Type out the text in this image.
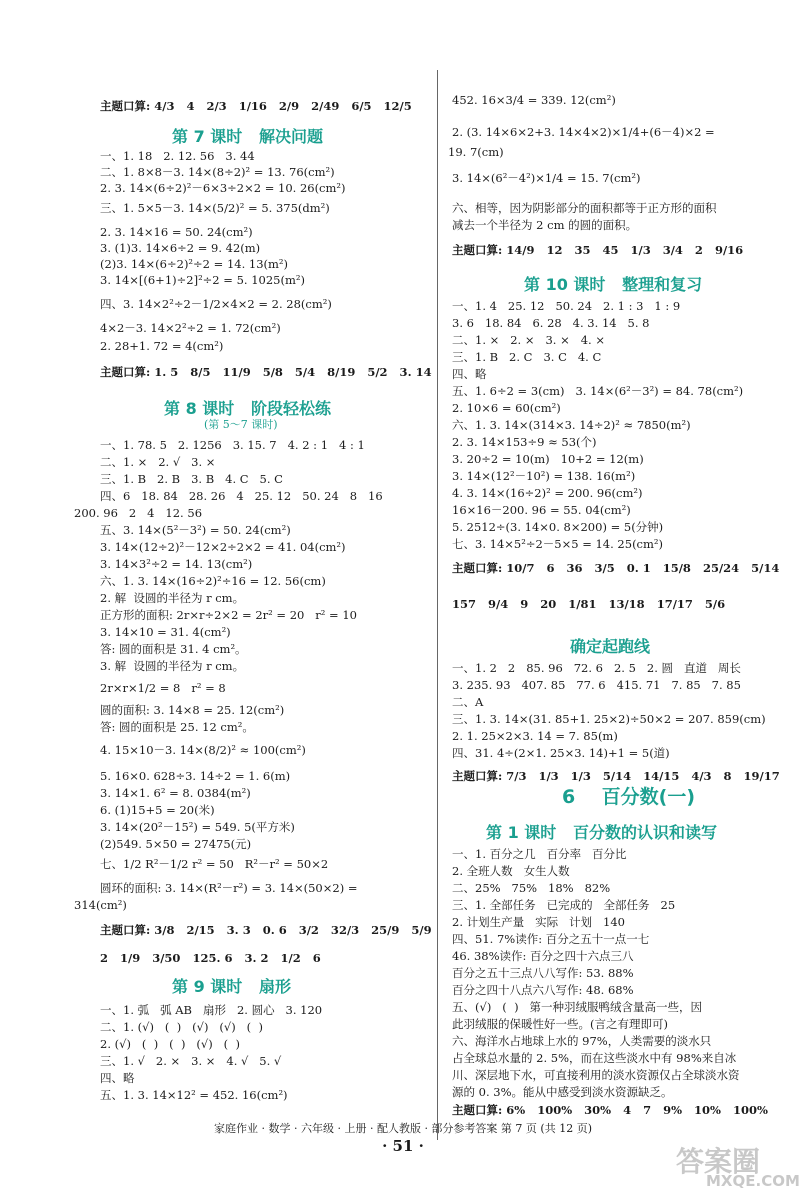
主题口算: 4/3   4   2/3   1/16   2/9   2/49   6/5   12/5
第 7 课时   解决问题
一、1. 18   2. 12. 56   3. 44
二、1. 8×8－3. 14×(8÷2)² = 13. 76(cm²)
2. 3. 14×(6÷2)²－6×3÷2×2 = 10. 26(cm²)
三、1. 5×5－3. 14×(5/2)² = 5. 375(dm²)
2. 3. 14×16 = 50. 24(cm²)
3. (1)3. 14×6÷2 = 9. 42(m)
(2)3. 14×(6÷2)²÷2 = 14. 13(m²)
3. 14×[(6+1)÷2]²÷2 = 5. 1025(m²)
四、3. 14×2²÷2－1/2×4×2 = 2. 28(cm²)
4×2－3. 14×2²÷2 = 1. 72(cm²)
2. 28+1. 72 = 4(cm²)
主题口算: 1. 5   8/5   11/9   5/8   5/4   8/19   5/2   3. 14
第 8 课时   阶段轻松练
(第 5～7 课时)
一、1. 78. 5   2. 1256   3. 15. 7   4. 2 : 1   4 : 1
二、1. ×   2. √   3. ×
三、1. B   2. B   3. B   4. C   5. C
四、6   18. 84   28. 26   4   25. 12   50. 24   8   16
200. 96   2   4   12. 56
五、3. 14×(5²－3²) = 50. 24(cm²)
3. 14×(12÷2)²－12×2÷2×2 = 41. 04(cm²)
3. 14×3²÷2 = 14. 13(cm²)
六、1. 3. 14×(16÷2)²÷16 = 12. 56(cm)
2. 解  设圆的半径为 r cm。
正方形的面积: 2r×r÷2×2 = 2r² = 20   r² = 10
3. 14×10 = 31. 4(cm²)
答: 圆的面积是 31. 4 cm²。
3. 解  设圆的半径为 r cm。
2r×r×1/2 = 8   r² = 8
圆的面积: 3. 14×8 = 25. 12(cm²)
答: 圆的面积是 25. 12 cm²。
4. 15×10－3. 14×(8/2)² ≈ 100(cm²)
5. 16×0. 628÷3. 14÷2 = 1. 6(m)
3. 14×1. 6² = 8. 0384(m²)
6. (1)15+5 = 20(米)
3. 14×(20²－15²) = 549. 5(平方米)
(2)549. 5×50 = 27475(元)
七、1/2 R²－1/2 r² = 50   R²－r² = 50×2
圆环的面积: 3. 14×(R²－r²) = 3. 14×(50×2) =
314(cm²)
主题口算: 3/8   2/15   3. 3   0. 6   3/2   32/3   25/9   5/9
2   1/9   3/50   125. 6   3. 2   1/2   6
第 9 课时   扇形
一、1. 弧   弧 AB   扇形   2. 圆心   3. 120
二、1. (√)   (  )   (√)   (√)   (  )
2. (√)   (  )   (  )   (√)   (  )
三、1. √   2. ×   3. ×   4. √   5. √
四、略
五、1. 3. 14×12² = 452. 16(cm²)
452. 16×3/4 = 339. 12(cm²)
2. (3. 14×6×2+3. 14×4×2)×1/4+(6－4)×2 =
19. 7(cm)
3. 14×(6²－4²)×1/4 = 15. 7(cm²)
六、相等，因为阴影部分的面积都等于正方形的面积
减去一个半径为 2 cm 的圆的面积。
主题口算: 14/9   12   35   45   1/3   3/4   2   9/16
第 10 课时   整理和复习
一、1. 4   25. 12   50. 24   2. 1 : 3   1 : 9
3. 6   18. 84   6. 28   4. 3. 14   5. 8
二、1. ×   2. ×   3. ×   4. ×
三、1. B   2. C   3. C   4. C
四、略
五、1. 6÷2 = 3(cm)   3. 14×(6²－3²) = 84. 78(cm²)
2. 10×6 = 60(cm²)
六、1. 3. 14×(314×3. 14÷2)² ≈ 7850(m²)
2. 3. 14×153÷9 ≈ 53(个)
3. 20÷2 = 10(m)   10+2 = 12(m)
3. 14×(12²－10²) = 138. 16(m²)
4. 3. 14×(16÷2)² = 200. 96(cm²)
16×16－200. 96 = 55. 04(cm²)
5. 2512÷(3. 14×0. 8×200) = 5(分钟)
七、3. 14×5²÷2－5×5 = 14. 25(cm²)
主题口算: 10/7   6   36   3/5   0. 1   15/8   25/24   5/14
157   9/4   9   20   1/81   13/18   17/17   5/6
确定起跑线
一、1. 2   2   85. 96   72. 6   2. 5   2. 圆   直道   周长
3. 235. 93   407. 85   77. 6   415. 71   7. 85   7. 85
二、A
三、1. 3. 14×(31. 85+1. 25×2)÷50×2 = 207. 859(cm)
2. 1. 25×2×3. 14 = 7. 85(m)
四、31. 4÷(2×1. 25×3. 14)+1 = 5(道)
主题口算: 7/3   1/3   1/3   5/14   14/15   4/3   8   19/17
6    百分数(一)
第 1 课时   百分数的认识和读写
一、1. 百分之几   百分率   百分比
2. 全班人数   女生人数
二、25%   75%   18%   82%
三、1. 全部任务   已完成的   全部任务   25
2. 计划生产量   实际   计划   140
四、51. 7%读作: 百分之五十一点一七
46. 38%读作: 百分之四十六点三八
百分之五十三点八八写作: 53. 88%
百分之四十八点六八写作: 48. 68%
五、(√)   (  )   第一种羽绒服鸭绒含量高一些，因
此羽绒服的保暖性好一些。(言之有理即可)
六、海洋水占地球上水的 97%，人类需要的淡水只
占全球总水量的 2. 5%，而在这些淡水中有 98%来自冰
川、深层地下水，可直接利用的淡水资源仅占全球淡水资
源的 0. 3%。能从中感受到淡水资源缺乏。
主题口算: 6%   100%   30%   4   7   9%   10%   100%
家庭作业 · 数学 · 六年级 · 上册 · 配人教版 · 部分参考答案 第 7 页 (共 12 页)
· 51 ·	答案圈
MXQE.COM
